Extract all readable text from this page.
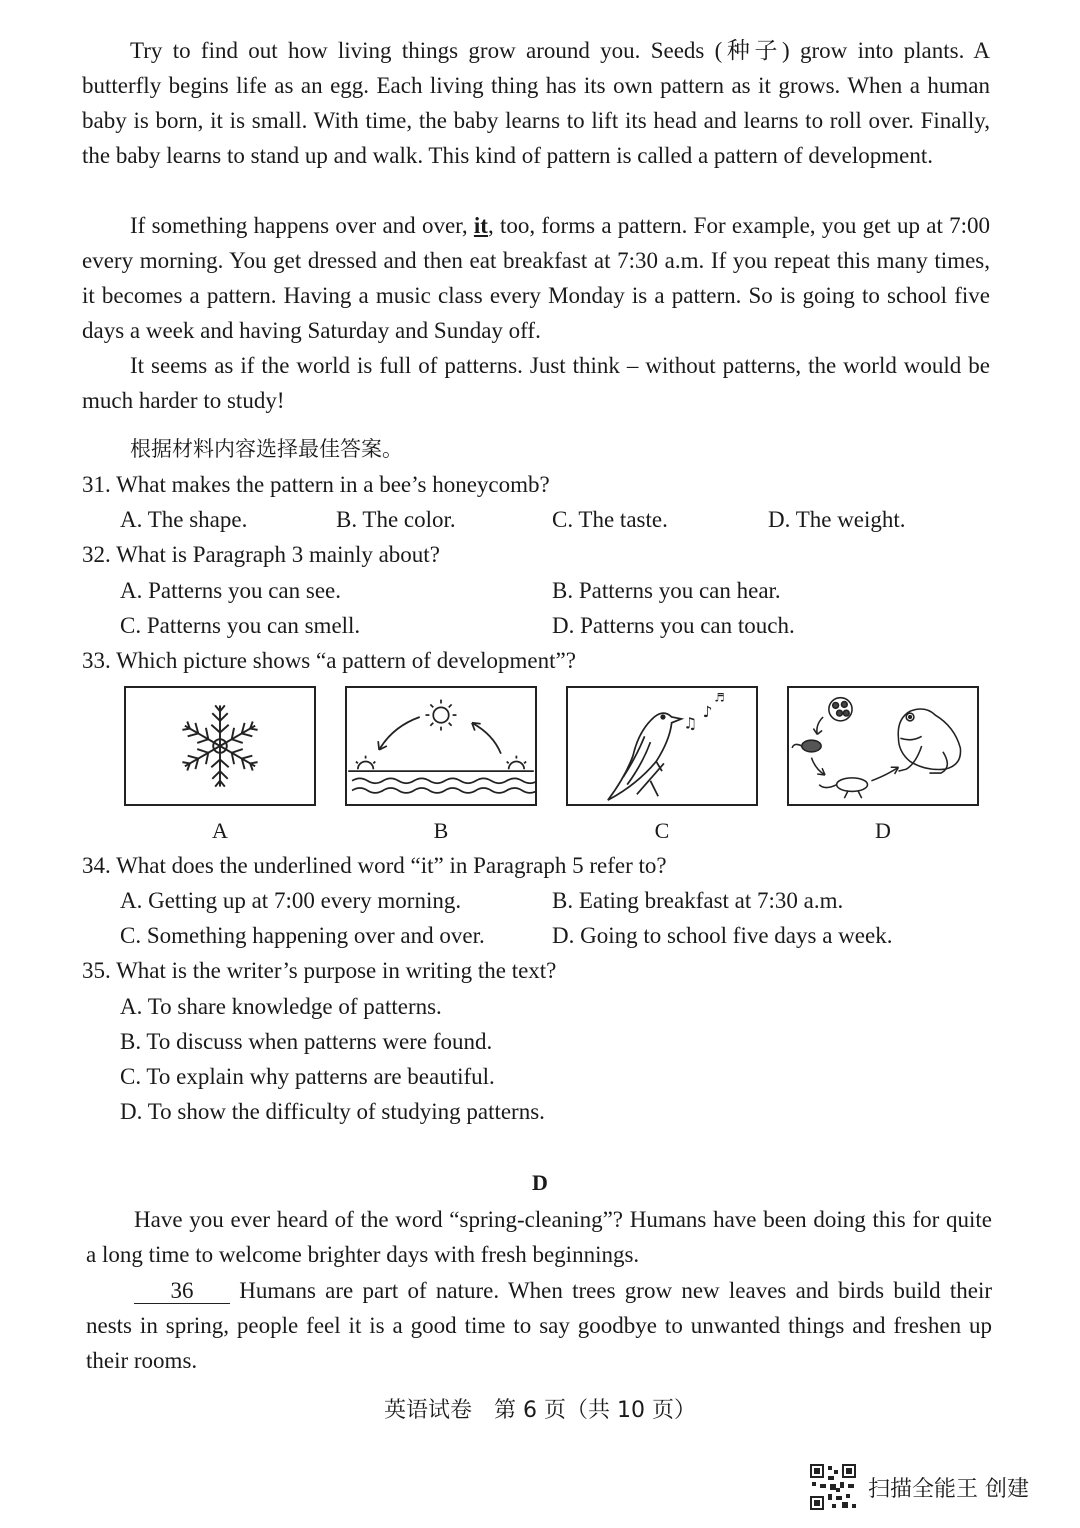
Try to find out how living things grow around you. Seeds (种子) grow into plants. A butterfly begins life as an egg. Each living thing has its own pattern as it grows. When a human baby is born, it is small. With time, the baby learns to lift its head and learns to roll over. Finally, the baby learns to stand up and walk. This kind of pattern is called a pattern of development.

If something happens over and over, it, too, forms a pattern. For example, you get up at 7:00 every morning. You get dressed and then eat breakfast at 7:30 a.m. If you repeat this many times, it becomes a pattern. Having a music class every Monday is a pattern. So is going to school five days a week and having Saturday and Sunday off.

It seems as if the world is full of patterns. Just think – without patterns, the world would be much harder to study!

根据材料内容选择最佳答案。
31. What makes the pattern in a bee’s honeycomb?
A. The shape.	B. The color.	C. The taste.	D. The weight.
32. What is Paragraph 3 mainly about?
A. Patterns you can see.	B. Patterns you can hear.
C. Patterns you can smell.	D. Patterns you can touch.
33. Which picture shows “a pattern of development”?
♫
♪
♬
A	B	C	D
34. What does the underlined word “it” in Paragraph 5 refer to?
A. Getting up at 7:00 every morning.	B. Eating breakfast at 7:30 a.m.
C. Something happening over and over.	D. Going to school five days a week.
35. What is the writer’s purpose in writing the text?
A. To share knowledge of patterns.
B. To discuss when patterns were found.
C. To explain why patterns are beautiful.
D. To show the difficulty of studying patterns.
D

Have you ever heard of the word “spring-cleaning”? Humans have been doing this for quite a long time to welcome brighter days with fresh beginnings.

36 Humans are part of nature. When trees grow new leaves and birds build their nests in spring, people feel it is a good time to say goodbye to unwanted things and freshen up their rooms.

英语试卷　第 6 页（共 10 页）
扫描全能王 创建
